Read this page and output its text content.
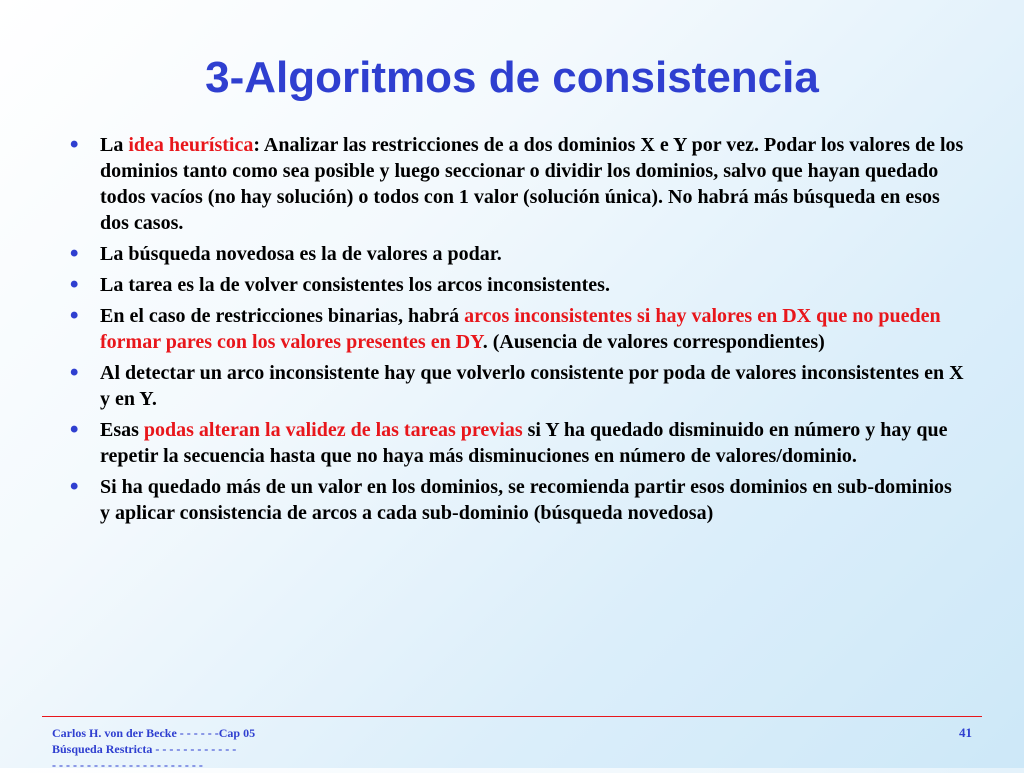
3-Algoritmos de consistencia
• La idea heurística: Analizar las restricciones de a dos dominios X e Y por vez. Podar los valores de los dominios tanto como sea posible y luego seccionar o dividir los dominios, salvo que hayan quedado todos vacíos (no hay solución) o todos con 1 valor (solución única). No habrá más búsqueda en esos dos casos.
• La búsqueda novedosa es la de valores a podar.
• La tarea es la de volver consistentes los arcos inconsistentes.
• En el caso de restricciones binarias, habrá arcos inconsistentes si hay valores en DX que no pueden formar pares con los valores presentes en DY. (Ausencia de valores correspondientes)
• Al detectar un arco inconsistente hay que volverlo consistente por poda de valores inconsistentes en X y en Y.
• Esas podas alteran la validez de las tareas previas si Y ha quedado disminuido en número y hay que repetir la secuencia hasta que no haya más disminuciones en número de valores/dominio.
• Si ha quedado más de un valor en los dominios, se recomienda partir esos dominios en sub-dominios y aplicar consistencia de arcos a cada sub-dominio (búsqueda novedosa)
Carlos H. von der Becke - - - - - -Cap 05
Búsqueda Restricta - - - - - - - - - - - -
- - - - - - - - - - - - - - - - - - - - - -
41
